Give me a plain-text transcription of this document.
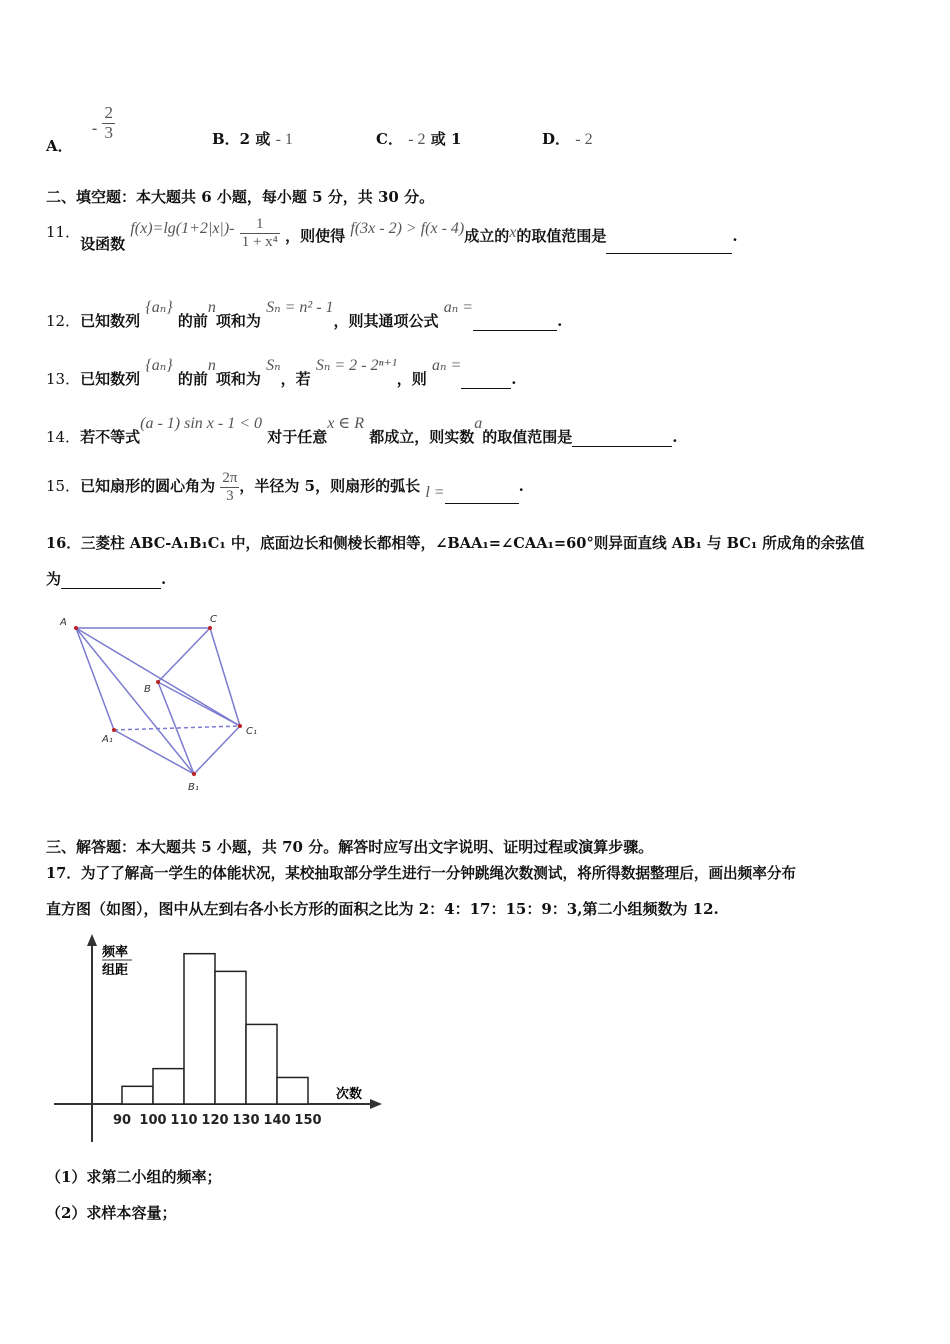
A． - $\frac{2}{3}$	B．2 或 - 1	C． - 2 或 1	D． - 2
二、填空题：本大题共 6 小题，每小题 5 分，共 30 分。
11．设函数 $f(x)=\lg(1+2|x|)- \frac{1}{\text{1 + x⁴}}$ ，则使得 f(3x - 2) > f(x - 4)成立的x的取值范围是	.
12．已知数列 {aₙ} 的前n项和为 Sₙ = n² - 1，则其通项公式 aₙ =.
13．已知数列 {aₙ} 的前n项和为 Sₙ，若 Sₙ = 2 - 2ⁿ⁺¹，则 aₙ =.
14．若不等式(a - 1) sin x - 1 < 0 对于任意x ∈ R 都成立，则实数a的取值范围是	.
15．已知扇形的圆心角为 $\frac{2\pi}{3}$ ，半径为 5，则扇形的弧长 l =	.
16．三菱柱 ABC-A₁B₁C₁ 中，底面边长和侧棱长都相等，∠BAA₁=∠CAA₁=60°则异面直线 AB₁ 与 BC₁ 所成角的余弦值
为	.
A	C
B
A₁
C₁
B₁
三、解答题：本大题共 5 小题，共 70 分。解答时应写出文字说明、证明过程或演算步骤。
17．为了了解高一学生的体能状况，某校抽取部分学生进行一分钟跳绳次数测试，将所得数据整理后，画出频率分布
直方图（如图），图中从左到右各小长方形的面积之比为 2：4：17：15：9：3,第二小组频数为 12.
频率
组距
次数
90 100 110 120 130 140 150
（1）求第二小组的频率；
（2）求样本容量；
